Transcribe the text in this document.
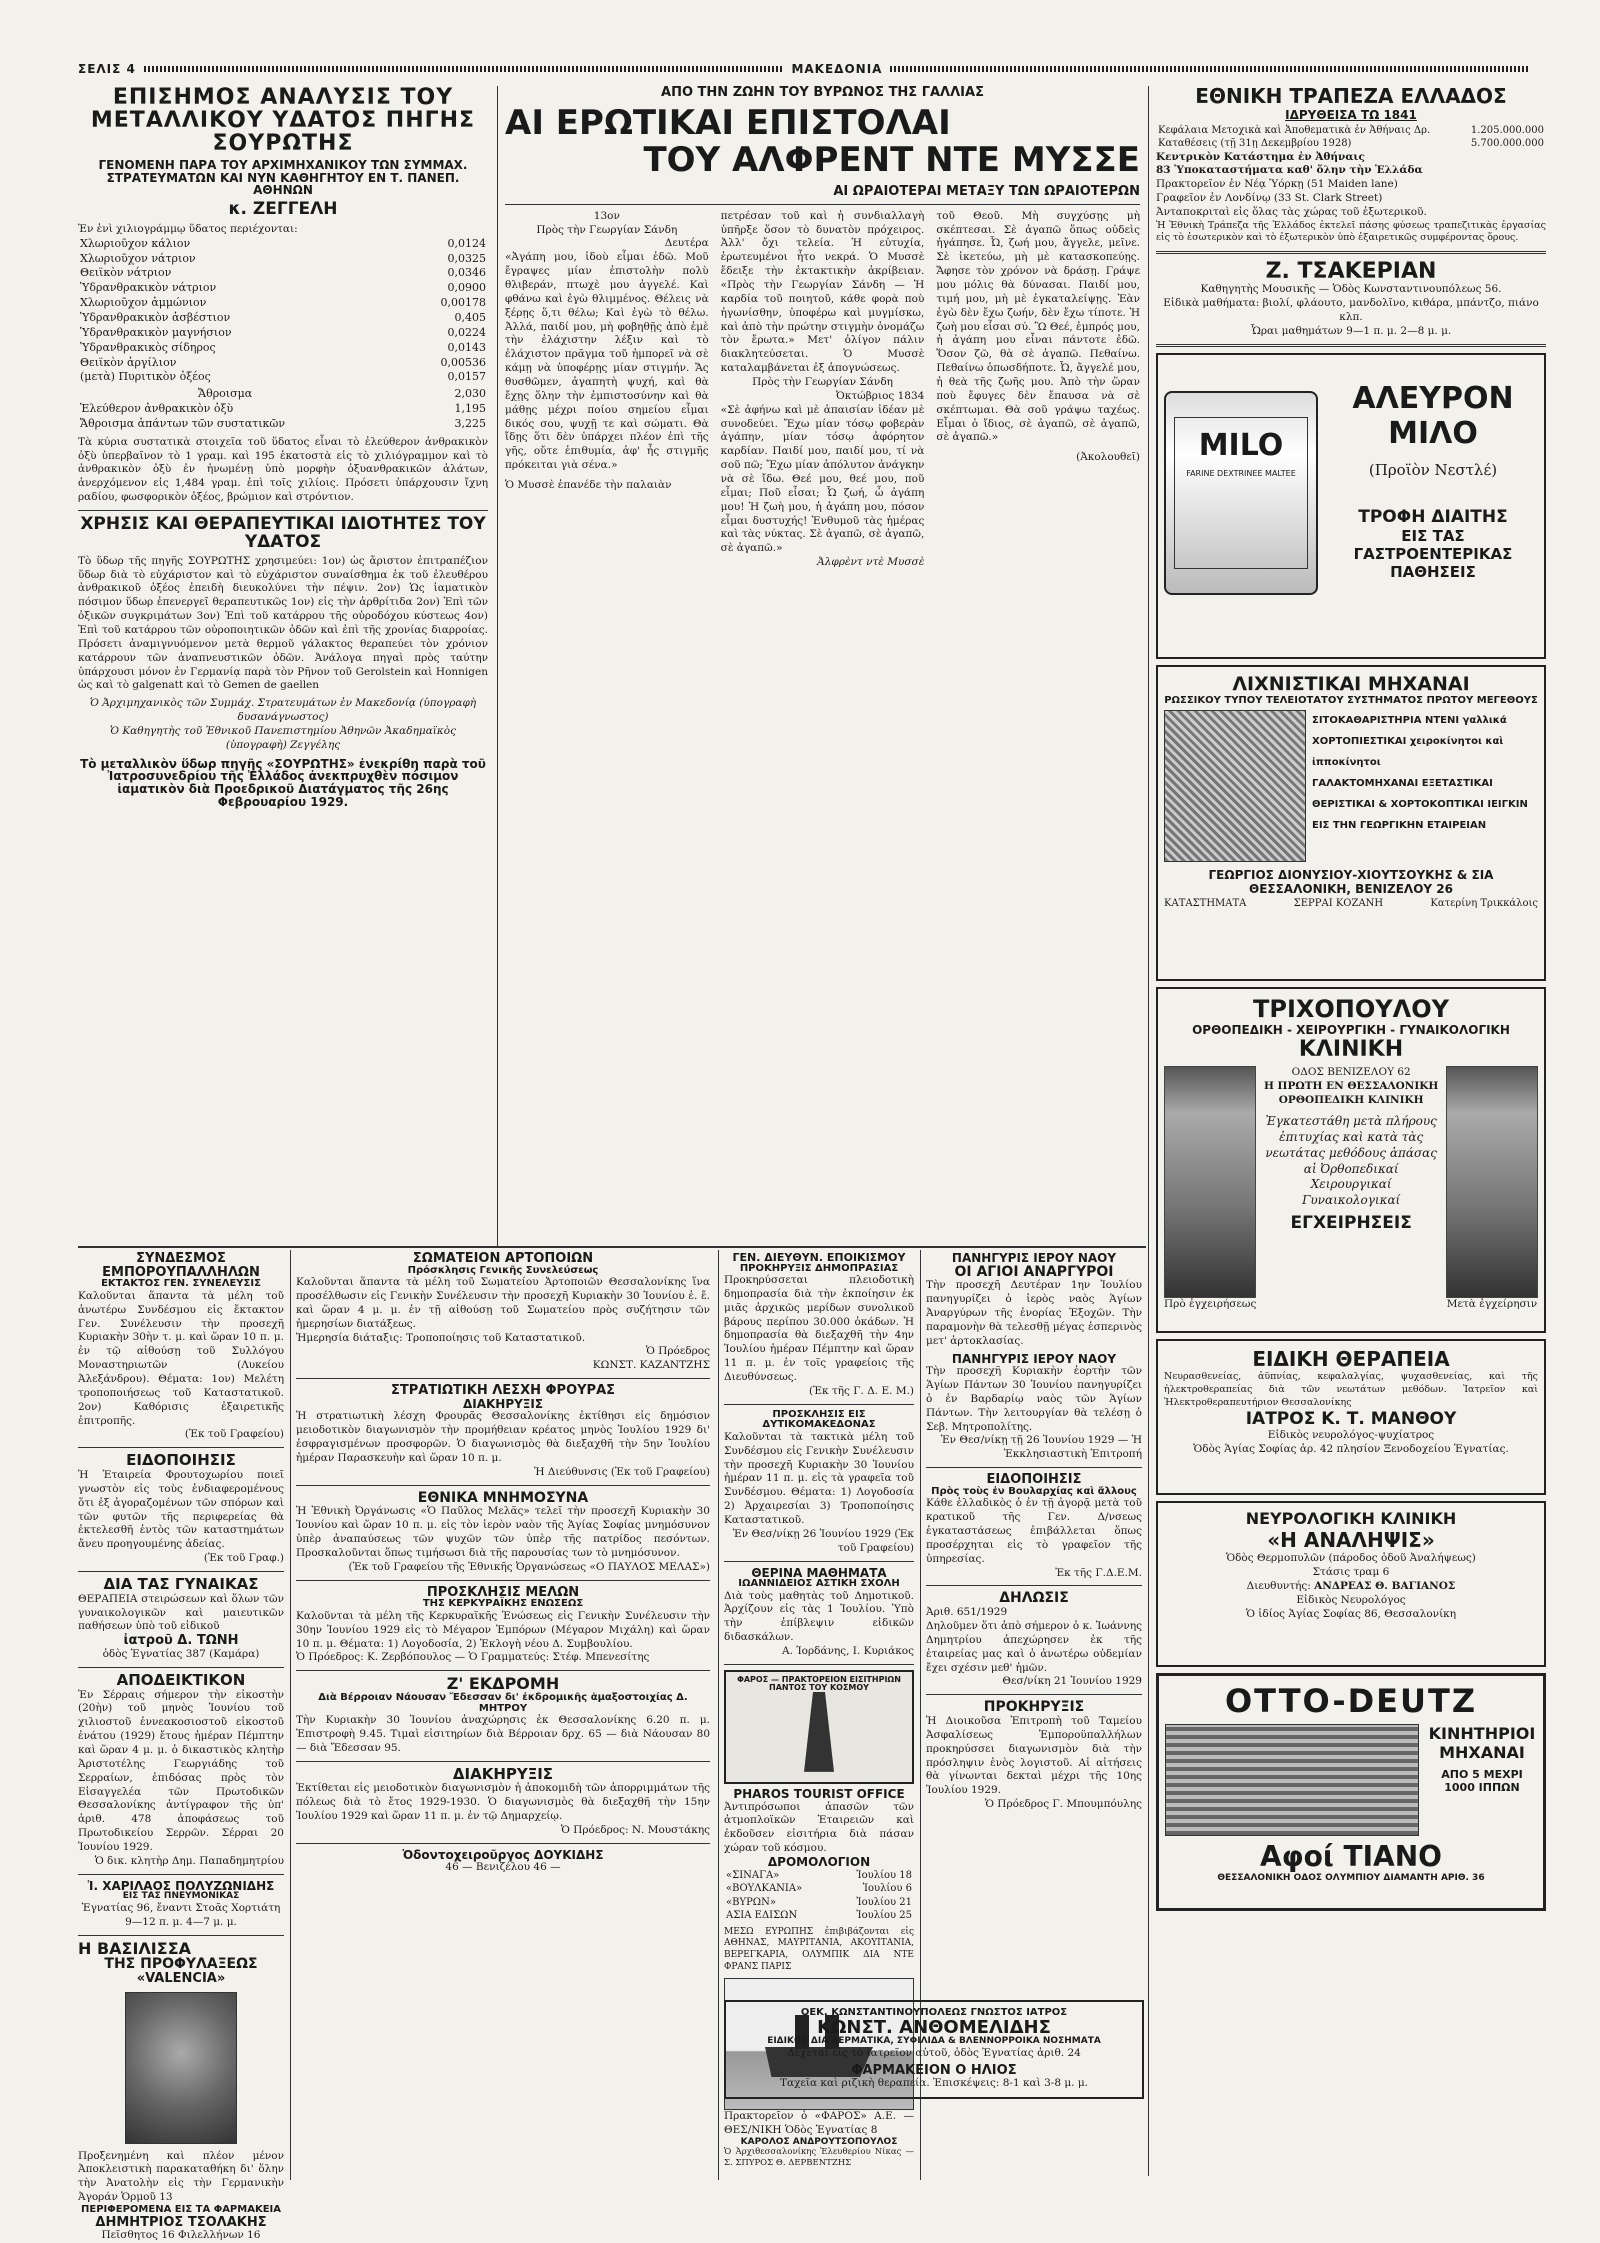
ΣΕΛΙΣ 4	ΜΑΚΕΔΟΝΙΑ
ΕΠΙΣΗΜΟΣ ΑΝΑΛΥΣΙΣ ΤΟΥ ΜΕΤΑΛΛΙΚΟΥ ΥΔΑΤΟΣ ΠΗΓΗΣ ΣΟΥΡΩΤΗΣ

ΓΕΝΟΜΕΝΗ ΠΑΡΑ ΤΟΥ ΑΡΧΙΜΗΧΑΝΙΚΟΥ ΤΩΝ ΣΥΜΜΑΧ. ΣΤΡΑΤΕΥΜΑΤΩΝ ΚΑΙ ΝΥΝ ΚΑΘΗΓΗΤΟΥ ΕΝ Τ. ΠΑΝΕΠ. ΑΘΗΝΩΝ

κ. ΖΕΓΓΕΛΗ

Ἐν ἑνὶ χιλιογράμμῳ ὕδατος περιέχονται:

Χλωριοῦχον κάλιον	0,0124
Χλωριοῦχον νάτριον	0,0325
Θειϊκὸν νάτριον	0,0346
Ὑδρανθρακικὸν νάτριον	0,0900
Χλωριοῦχον ἀμμώνιον	0,00178
Ὑδρανθρακικὸν ἀσβέστιον	0,405
Ὑδρανθρακικὸν μαγνήσιον	0,0224
Ὑδρανθρακικὸς σίδηρος	0,0143
Θειϊκὸν ἀργίλιον	0,00536
(μετὰ) Πυριτικὸν ὀξέος	0,0157
Ἄθροισμα	2,030
Ἐλεύθερον ἀνθρακικὸν ὀξὺ	1,195
Ἄθροισμα ἁπάντων τῶν συστατικῶν	3,225

Τὰ κύρια συστατικὰ στοιχεῖα τοῦ ὕδατος εἶναι τὸ ἐλεύθερον ἀνθρακικὸν ὀξὺ ὑπερβαῖνον τὸ 1 γραμ. καὶ 195 ἑκατοστὰ εἰς τὸ χιλιόγραμμον καὶ τὸ ἀνθρακικὸν ὀξὺ ἐν ἡνωμένῃ ὑπὸ μορφὴν ὀξυανθρακικῶν ἀλάτων, ἀνερχόμενον εἰς 1,484 γραμ. ἐπὶ τοῖς χιλίοις. Πρόσετι ὑπάρχουσιν ἴχνη ραδίου, φωσφορικὸν ὀξέος, βρώμιον καὶ στρόντιον.

ΧΡΗΣΙΣ ΚΑΙ ΘΕΡΑΠΕΥΤΙΚΑΙ ΙΔΙΟΤΗΤΕΣ ΤΟΥ ΥΔΑΤΟΣ

Τὸ ὕδωρ τῆς πηγῆς ΣΟΥΡΩΤΗΣ χρησιμεύει: 1ον) ὡς ἄριστον ἐπιτραπέζιον ὕδωρ διὰ τὸ εὐχάριστον καὶ τὸ εὐχάριστον συναίσθημα ἐκ τοῦ ἐλευθέρου ἀνθρακικοῦ ὀξέος ἐπειδὴ διευκολύνει τὴν πέψιν. 2ον) Ὡς ἰαματικὸν πόσιμον ὕδωρ ἐπενεργεῖ θεραπευτικῶς 1ον) εἰς τὴν ἀρθρίτιδα 2ον) Ἐπὶ τῶν ὀξικῶν συγκριμάτων 3ον) Ἐπὶ τοῦ κατάρρου τῆς οὐροδόχου κύστεως 4ον) Ἐπὶ τοῦ κατάρρου τῶν οὐροποιητικῶν ὁδῶν καὶ ἐπὶ τῆς χρονίας διαρροίας. Πρόσετι ἀναμιγνυόμενον μετὰ θερμοῦ γάλακτος θεραπεύει τὸν χρόνιον κατάρρουν τῶν ἀναπνευστικῶν ὁδῶν. Ἀνάλογα πηγαὶ πρὸς ταύτην ὑπάρχουσι μόνον ἐν Γερμανίᾳ παρὰ τὸν Ρῆνον τοῦ Gerolstein καὶ Honnigen ὡς καὶ τὸ galgenatt καὶ τὸ Gemen de gaellen

Ὁ Ἀρχιμηχανικὸς τῶν Συμμάχ. Στρατευμάτων ἐν Μακεδονίᾳ (ὑπογραφὴ δυσανάγνωστος)

Ὁ Καθηγητὴς τοῦ Ἐθνικοῦ Πανεπιστημίου Ἀθηνῶν Ἀκαδημαϊκὸς (ὑπογραφὴ) Ζεγγέλης

Τὸ μεταλλικὸν ὕδωρ πηγῆς «ΣΟΥΡΩΤΗΣ» ἐνεκρίθη παρὰ τοῦ Ἰατροσυνεδρίου τῆς Ἑλλάδος ἀνεκπρυχθὲν πόσιμον ἰαματικὸν διὰ Προεδρικοῦ Διατάγματος τῆς 26ης Φεβρουαρίου 1929.

ΑΠΟ ΤΗΝ ΖΩΗΝ ΤΟΥ ΒΥΡΩΝΟΣ ΤΗΣ ΓΑΛΛΙΑΣ

ΑΙ ΕΡΩΤΙΚΑΙ ΕΠΙΣΤΟΛΑΙ
ΤΟΥ ΑΛΦΡΕΝΤ ΝΤΕ ΜΥΣΣΕ

ΑΙ ΩΡΑΙΟΤΕΡΑΙ ΜΕΤΑΞΥ ΤΩΝ ΩΡΑΙΟΤΕΡΩΝ

13ον

Πρὸς τὴν Γεωργίαν Σάνδη

Δευτέρα

«Ἀγάπη μου, ἰδοὺ εἶμαι ἐδῶ. Μοῦ ἔγραψες μίαν ἐπιστολὴν πολὺ θλιβεράν, πτωχὲ μου ἀγγελέ. Καὶ φθάνω καὶ ἐγὼ θλιμμένος. Θέλεις νὰ ξέρῃς ὅ,τι θέλω; Καὶ ἐγὼ τὸ θέλω. Ἀλλά, παιδί μου, μὴ φοβηθῇς ἀπὸ ἐμὲ τὴν ἐλάχιστην λέξιν καὶ τὸ ἐλάχιστον πρᾶγμα τοῦ ἠμπορεῖ νὰ σὲ κάμῃ νὰ ὑποφέρῃς μίαν στιγμήν. Ἄς θυσθῶμεν, ἀγαπητὴ ψυχή, καὶ θὰ ἔχῃς ὅλην τὴν ἐμπιστοσύνην καὶ θὰ μάθῃς μέχρι ποίου σημείου εἶμαι δικός σου, ψυχῇ τε καὶ σώματι. Θὰ ἴδῃς ὅτι δὲν ὑπάρχει πλέον ἐπὶ τῆς γῆς, οὔτε ἐπιθυμία, ἀφ' ἧς στιγμῆς πρόκειται γιὰ σένα.»

Ὁ Μυσσὲ ἐπανέδε τὴν παλαιὰν

πετρέσαν τοῦ καὶ ἡ συνδιαλλαγὴ ὑπῆρξε ὅσον τὸ δυνατὸν πρόχειρος. Ἀλλ' ὄχι τελεία. Ἡ εὐτυχία, ἐρωτευμένοι ἦτο νεκρά. Ὁ Μυσσὲ ἔδειξε τὴν ἐκτακτικὴν ἀκρίβειαν. «Πρὸς τὴν Γεωργίαν Σάνδη — Ἡ καρδία τοῦ ποιητοῦ, κάθε φορὰ ποὺ ἠγωνίσθην, ὑποφέρω καὶ μυγμίσκω, καὶ ἀπὸ τὴν πρώτην στιγμὴν ὀνομάζω τὸν ἔρωτα.» Μετ' ὀλίγον πάλιν διακλητεύσεται. Ὁ Μυσσὲ καταλαμβάνεται ἐξ ἀπογνώσεως.

Πρὸς τὴν Γεωργίαν Σάνδη

Ὀκτώβριος 1834

«Σὲ ἀφήνω καὶ μὲ ἀπαισίαν ἰδέαν μὲ συνοδεύει. Ἔχω μίαν τόσῳ φοβερὰν ἀγάπην, μίαν τόσῳ ἀφόρητον καρδίαν. Παιδί μου, παιδί μου, τί νὰ σοῦ πῶ; Ἔχω μίαν ἀπόλυτον ἀνάγκην νὰ σὲ ἴδω. Θεέ μου, θεέ μου, ποῦ εἶμαι; Ποῦ εἶσαι; Ὦ ζωή, ὦ ἀγάπη μου! Ἡ ζωὴ μου, ἡ ἀγάπη μου, πόσον εἶμαι δυστυχής! Ἐνθυμοῦ τὰς ἡμέρας καὶ τὰς νύκτας. Σὲ ἀγαπῶ, σὲ ἀγαπῶ, σὲ ἀγαπῶ.»

Ἀλφρὲντ ντὲ Μυσσὲ

τοῦ Θεοῦ. Μὴ συγχύσῃς μὴ σκέπτεσαι. Σὲ ἀγαπῶ ὅπως οὐδεὶς ἠγάπησε. Ὦ, ζωή μου, ἄγγελε, μεῖνε. Σὲ ἱκετεύω, μὴ μὲ κατασκοπεύῃς. Ἄφησε τὸν χρόνον νὰ δράσῃ. Γράψε μου μόλις θὰ δύνασαι. Παιδί μου, τιμή μου, μὴ μὲ ἐγκαταλείψῃς. Ἐὰν ἐγὼ δὲν ἔχω ζωήν, δὲν ἔχω τίποτε. Ἡ ζωὴ μου εἶσαι σύ. Ὢ Θεέ, ἐμπρός μου, ἡ ἀγάπη μου εἶναι πάντοτε ἐδῶ. Ὅσον ζῶ, θὰ σὲ ἀγαπῶ. Πεθαίνω. Πεθαίνω ὁπωσδήποτε. Ὦ, ἄγγελέ μου, ἡ θεὰ τῆς ζωῆς μου. Ἀπὸ τὴν ὥραν ποὺ ἔφυγες δὲν ἔπαυσα νὰ σὲ σκέπτωμαι. Θὰ σοῦ γράψω ταχέως. Εἶμαι ὁ ἴδιος, σὲ ἀγαπῶ, σὲ ἀγαπῶ, σὲ ἀγαπῶ.»

(Ἀκολουθεῖ)

ΕΘΝΙΚΗ ΤΡΑΠΕΖΑ ΕΛΛΑΔΟΣ

ΙΔΡΥΘΕΙΣΑ ΤΩ 1841

Κεφάλαια Μετοχικὰ καὶ Ἀποθεματικὰ ἐν Ἀθήναις Δρ.	1.205.000.000
Καταθέσεις (τῇ 31ῃ Δεκεμβρίου 1928)	5.700.000.000

Κεντρικὸν Κατάστημα ἐν Ἀθήναις

83 Ὑποκαταστήματα καθ' ὅλην τὴν Ἑλλάδα

Πρακτορεῖον ἐν Νέᾳ Ὑόρκῃ (51 Maiden lane)

Γραφεῖον ἐν Λονδίνῳ (33 St. Clark Street)

Ἀνταποκριταὶ εἰς ὅλας τὰς χώρας τοῦ ἐξωτερικοῦ.

Ἡ Ἐθνικὴ Τράπεζα τῆς Ἑλλάδος ἐκτελεῖ πάσης φύσεως τραπεζιτικὰς ἐργασίας εἰς τὸ ἐσωτερικὸν καὶ τὸ ἐξωτερικὸν ὑπὸ ἐξαιρετικῶς συμφέροντας ὅρους.

Ζ. ΤΣΑΚΕΡΙΑΝ

Καθηγητὴς Μουσικῆς — Ὁδὸς Κωνσταντινουπόλεως 56.

Εἰδικὰ μαθήματα: βιολί, φλάουτο, μανδολῖνο, κιθάρα, μπάντζο, πιάνο κλπ.

Ὧραι μαθημάτων 9—1 π. μ. 2—8 μ. μ.

MILO
FARINE DEXTRINEE MALTEE

ΑΛΕΥΡΟΝ ΜΙΛΟ

(Προϊὸν Νεστλέ)

ΤΡΟΦΗ ΔΙΑΙΤΗΣ

ΕΙΣ ΤΑΣ

ΓΑΣΤΡΟΕΝΤΕΡΙΚΑΣ

ΠΑΘΗΣΕΙΣ

ΛΙΧΝΙΣΤΙΚΑΙ ΜΗΧΑΝΑΙ

ΡΩΣΣΙΚΟΥ ΤΥΠΟΥ ΤΕΛΕΙΟΤΑΤΟΥ ΣΥΣΤΗΜΑΤΟΣ ΠΡΩΤΟΥ ΜΕΓΕΘΟΥΣ

ΣΙΤΟΚΑΘΑΡΙΣΤΗΡΙΑ ΝΤΕΝΙ γαλλικά
ΧΟΡΤΟΠΙΕΣΤΙΚΑΙ χειροκίνητοι καὶ ἱπποκίνητοι
ΓΑΛΑΚΤΟΜΗΧΑΝΑΙ ΕΞΕΤΑΣΤΙΚΑΙ
ΘΕΡΙΣΤΙΚΑΙ & ΧΟΡΤΟΚΟΠΤΙΚΑΙ ΙΕΙΓΚΙΝ
ΕΙΣ ΤΗΝ ΓΕΩΡΓΙΚΗΝ ΕΤΑΙΡΕΙΑΝ

ΓΕΩΡΓΙΟΣ ΔΙΟΝΥΣΙΟΥ-ΧΙΟΥΤΣΟΥΚΗΣ & ΣΙΑ

ΘΕΣΣΑΛΟΝΙΚΗ, ΒΕΝΙΖΕΛΟΥ 26

ΚΑΤΑΣΤΗΜΑΤΑ	ΣΕΡΡΑΙ ΚΟΖΑΝΗ	Κατερίνη Τρικκάλοις

ΤΡΙΧΟΠΟΥΛΟΥ

ΟΡΘΟΠΕΔΙΚΗ - ΧΕΙΡΟΥΡΓΙΚΗ - ΓΥΝΑΙΚΟΛΟΓΙΚΗ

ΚΛΙΝΙΚΗ

Πρὸ ἐγχειρήσεως

ΟΔΟΣ ΒΕΝΙΖΕΛΟΥ 62

Η ΠΡΩΤΗ ΕΝ ΘΕΣΣΑΛΟΝΙΚΗ ΟΡΘΟΠΕΔΙΚΗ ΚΛΙΝΙΚΗ

Ἐγκατεστάθη μετὰ πλήρους ἐπιτυχίας καὶ κατὰ τὰς νεωτάτας μεθόδους ἁπάσας αἱ Ὀρθοπεδικαί Χειρουργικαί Γυναικολογικαί

ΕΓΧΕΙΡΗΣΕΙΣ

Μετὰ ἐγχείρησιν

ΕΙΔΙΚΗ ΘΕΡΑΠΕΙΑ

Νευρασθενείας, ἀϋπνίας, κεφαλαλγίας, ψυχασθενείας, καὶ τῆς ἡλεκτροθεραπείας διὰ τῶν νεωτάτων μεθόδων. Ἰατρεῖον καὶ Ἠλεκτροθεραπευτήριον Θεσσαλονίκης

ΙΑΤΡΟΣ Κ. Τ. ΜΑΝΘΟΥ

Εἰδικὸς νευρολόγος-ψυχίατρος

Ὁδὸς Ἁγίας Σοφίας ἀρ. 42 πλησίον Ξενοδοχείου Ἐγνατίας.

ΝΕΥΡΟΛΟΓΙΚΗ ΚΛΙΝΙΚΗ

«Η ΑΝΑΛΗΨΙΣ»

Ὁδὸς Θερμοπυλῶν (πάροδος ὁδοῦ Ἀναλήψεως)

Στάσις τραμ 6

Διευθυντής: ΑΝΔΡΕΑΣ Θ. ΒΑΓΙΑΝΟΣ

Εἰδικὸς Νευρολόγος

Ὁ ἰδίος Ἁγίας Σοφίας 86, Θεσσαλονίκη

OTTO-DEUTZ

ΚΙΝΗΤΗΡΙΟΙ ΜΗΧΑΝΑΙ

ΑΠΟ 5 ΜΕΧΡΙ 1000 ΙΠΠΩΝ

Αφοί ΤΙΑΝΟ

ΘΕΣΣΑΛΟΝΙΚΗ ΟΔΟΣ ΟΛΥΜΠΙΟΥ ΔΙΑΜΑΝΤΗ ΑΡΙΘ. 36

ΣΥΝΔΕΣΜΟΣ ΕΜΠΟΡΟΥΠΑΛΛΗΛΩΝ

ΕΚΤΑΚΤΟΣ ΓΕΝ. ΣΥΝΕΛΕΥΣΙΣ

Καλοῦνται ἅπαντα τὰ μέλη τοῦ ἀνωτέρω Συνδέσμου εἰς ἔκτακτον Γεν. Συνέλευσιν τὴν προσεχῆ Κυριακὴν 30ὴν τ. μ. καὶ ὥραν 10 π. μ. ἐν τῷ αἰθούσῃ τοῦ Συλλόγου Μοναστηριωτῶν (Λυκείου Ἀλεξάνδρου). Θέματα: 1ον) Μελέτη τροποποιήσεως τοῦ Καταστατικοῦ. 2ον) Καθόρισις ἐξαιρετικῆς ἐπιτροπῆς.

(Ἐκ τοῦ Γραφείου)

ΕΙΔΟΠΟΙΗΣΙΣ

Ἡ Ἐταιρεία Φρουτοχωρίου ποιεῖ γνωστὸν εἰς τοὺς ἐνδιαφερομένους ὅτι ἐξ ἀγοραζομένων τῶν σπόρων καὶ τῶν φυτῶν τῆς περιφερείας θὰ ἐκτελεσθῆ ἐντὸς τῶν καταστημάτων ἄνευ προηγουμένης ἀδείας.

(Ἐκ τοῦ Γραφ.)

ΔΙΑ ΤΑΣ ΓΥΝΑΙΚΑΣ

ΘΕΡΑΠΕΙΑ στειρώσεων καὶ ὅλων τῶν γυναικολογικῶν καὶ μαιευτικῶν παθήσεων ὑπὸ τοῦ εἰδικοῦ

ἰατροῦ Δ. ΤΩΝΗ

ὁδὸς Ἐγνατίας 387 (Καμάρα)

ΑΠΟΔΕΙΚΤΙΚΟΝ

Ἐν Σέρραις σήμερον τὴν εἰκοστὴν (20ὴν) τοῦ μηνὸς Ἰουνίου τοῦ χιλιοστοῦ ἐννεακοσιοστοῦ εἰκοστοῦ ἐνάτου (1929) ἔτους ἡμέραν Πέμπτην καὶ ὥραν 4 μ. μ. ὁ δικαστικὸς κλητὴρ Ἀριστοτέλης Γεωργιάδης τοῦ Σερραίων, ἐπιδόσας πρὸς τὸν Εἰσαγγελέα τῶν Πρωτοδικῶν Θεσσαλονίκης ἀντίγραφον τῆς ὑπ' ἀριθ. 478 ἀποφάσεως τοῦ Πρωτοδικείου Σερρῶν. Σέρραι 20 Ἰουνίου 1929.

Ὁ δικ. κλητὴρ Δημ. Παπαδημητρίου

Ἰ. ΧΑΡΙΛΑΟΣ ΠΟΛΥΖΩΝΙΔΗΣ

ΕΙΣ ΤΑΣ ΠΝΕΥΜΟΝΙΚΑΣ

Ἐγνατίας 96, ἔναντι Στοᾶς Χορτιάτη

9—12 π. μ. 4—7 μ. μ.

Η ΒΑΣΙΛΙΣΣΑ

ΤΗΣ ΠΡΟΦΥΛΑΞΕΩΣ

«VALENCIA»

Προξενημένη καὶ πλέον μένον Ἀποκλειστικὴ παρακαταθήκη δι' ὅλην τὴν Ἀνατολὴν εἰς τὴν Γερμανικὴν Ἀγοράν Ὁρμοῦ 13

ΠΕΡΙΦΕΡΟΜΕΝΑ ΕΙΣ ΤΑ ΦΑΡΜΑΚΕΙΑ

ΔΗΜΗΤΡΙΟΣ ΤΣΟΛΑΚΗΣ

Πεῖσθητος 16 Φιλελλήνων 16

ΣΩΜΑΤΕΙΟΝ ΑΡΤΟΠΟΙΩΝ

Πρόσκλησις Γενικῆς Συνελεύσεως

Καλοῦνται ἅπαντα τὰ μέλη τοῦ Σωματείου Ἀρτοποιῶν Θεσσαλονίκης ἵνα προσέλθωσιν εἰς Γενικὴν Συνέλευσιν τὴν προσεχῆ Κυριακὴν 30 Ἰουνίου ἐ. ἔ. καὶ ὥραν 4 μ. μ. ἐν τῇ αἰθούσῃ τοῦ Σωματείου πρὸς συζήτησιν τῶν ἡμερησίων διατάξεως.

Ἡμερησία διάταξις: Τροποποίησις τοῦ Καταστατικοῦ.

Ὁ Πρόεδρος

ΚΩΝΣΤ. ΚΑΖΑΝΤΖΗΣ

ΣΤΡΑΤΙΩΤΙΚΗ ΛΕΣΧΗ ΦΡΟΥΡΑΣ

ΔΙΑΚΗΡΥΞΙΣ

Ἡ στρατιωτικὴ λέσχη Φρουρᾶς Θεσσαλονίκης ἐκτίθησι εἰς δημόσιον μειοδοτικὸν διαγωνισμὸν τὴν προμήθειαν κρέατος μηνὸς Ἰουλίου 1929 δι' ἐσφραγισμένων προσφορῶν. Ὁ διαγωνισμὸς θὰ διεξαχθῆ τὴν 5ην Ἰουλίου ἡμέραν Παρασκευὴν καὶ ὥραν 10 π. μ.

Ἡ Διεύθυνσις (Ἐκ τοῦ Γραφείου)

ΕΘΝΙΚΑ ΜΝΗΜΟΣΥΝΑ

Ἡ Ἐθνικὴ Ὀργάνωσις «Ὁ Παῦλος Μελᾶς» τελεῖ τὴν προσεχῆ Κυριακὴν 30 Ἰουνίου καὶ ὥραν 10 π. μ. εἰς τὸν ἱερὸν ναὸν τῆς Ἁγίας Σοφίας μνημόσυνον ὑπὲρ ἀναπαύσεως τῶν ψυχῶν τῶν ὑπὲρ τῆς πατρίδος πεσόντων. Προσκαλοῦνται ὅπως τιμήσωσι διὰ τῆς παρουσίας των τὸ μνημόσυνον.

(Ἐκ τοῦ Γραφείου τῆς Ἐθνικῆς Ὀργανώσεως «Ο ΠΑΥΛΟΣ ΜΕΛΑΣ»)

ΠΡΟΣΚΛΗΣΙΣ ΜΕΛΩΝ

ΤΗΣ ΚΕΡΚΥΡΑΪΚΗΣ ΕΝΩΣΕΩΣ

Καλοῦνται τὰ μέλη τῆς Κερκυραϊκῆς Ἑνώσεως εἰς Γενικὴν Συνέλευσιν τὴν 30ην Ἰουνίου 1929 εἰς τὸ Μέγαρον Ἐμπόρων (Μέγαρον Μιχάλη) καὶ ὥραν 10 π. μ. Θέματα: 1) Λογοδοσία, 2) Ἐκλογὴ νέου Δ. Συμβουλίου.

Ὁ Πρόεδρος: Κ. Ζερβόπουλος — Ὁ Γραμματεύς: Στέφ. Μπενεσίτης

Ζ' ΕΚΔΡΟΜΗ

Διὰ Βέρροιαν Νάουσαν Ἔδεσσαν δι' ἐκδρομικῆς ἁμαξοστοιχίας Δ. ΜΗΤΡΟΥ

Τὴν Κυριακὴν 30 Ἰουνίου ἀναχώρησις ἐκ Θεσσαλονίκης 6.20 π. μ. Ἐπιστροφὴ 9.45. Τιμαὶ εἰσιτηρίων διὰ Βέρροιαν δρχ. 65 — διὰ Νάουσαν 80 — διὰ Ἔδεσσαν 95.

ΔΙΑΚΗΡΥΞΙΣ

Ἐκτίθεται εἰς μειοδοτικὸν διαγωνισμὸν ἡ ἀποκομιδὴ τῶν ἀπορριμμάτων τῆς πόλεως διὰ τὸ ἔτος 1929-1930. Ὁ διαγωνισμὸς θὰ διεξαχθῆ τὴν 15ην Ἰουλίου 1929 καὶ ὥραν 11 π. μ. ἐν τῷ Δημαρχείῳ.

Ὁ Πρόεδρος: Ν. Μουστάκης

Ὀδοντοχειροῦργος ΔΟΥΚΙΔΗΣ

46 — Βενιζέλου 46 —

ΓΕΝ. ΔΙΕΥΘΥΝ. ΕΠΟΙΚΙΣΜΟΥ

ΠΡΟΚΗΡΥΞΙΣ ΔΗΜΟΠΡΑΣΙΑΣ

Προκηρύσσεται πλειοδοτικὴ δημοπρασία διὰ τὴν ἐκποίησιν ἐκ μιᾶς ἀρχικῶς μερίδων συνολικοῦ βάρους περίπου 30.000 ὀκάδων. Ἡ δημοπρασία θὰ διεξαχθῆ τὴν 4ην Ἰουλίου ἡμέραν Πέμπτην καὶ ὥραν 11 π. μ. ἐν τοῖς γραφείοις τῆς Διευθύνσεως.

(Ἐκ τῆς Γ. Δ. Ε. Μ.)

ΠΡΟΣΚΛΗΣΙΣ ΕΙΣ ΔΥΤΙΚΟΜΑΚΕΔΟΝΑΣ

Καλοῦνται τὰ τακτικὰ μέλη τοῦ Συνδέσμου εἰς Γενικὴν Συνέλευσιν τὴν προσεχῆ Κυριακὴν 30 Ἰουνίου ἡμέραν 11 π. μ. εἰς τὰ γραφεῖα τοῦ Συνδέσμου. Θέματα: 1) Λογοδοσία 2) Ἀρχαιρεσίαι 3) Τροποποίησις Καταστατικοῦ.

Ἐν Θεσ/νίκῃ 26 Ἰουνίου 1929 (Ἐκ τοῦ Γραφείου)

ΘΕΡΙΝΑ ΜΑΘΗΜΑΤΑ

ΙΩΑΝΝΙΔΕΙΟΣ ΑΣΤΙΚΗ ΣΧΟΛΗ

Διὰ τοὺς μαθητὰς τοῦ Δημοτικοῦ. Ἀρχίζουν εἰς τὰς 1 Ἰουλίου. Ὑπὸ τὴν ἐπίβλεψιν εἰδικῶν διδασκάλων.

Α. Ἰορδάνης, Ι. Κυριάκος

ΦΑΡΟΣ — ΠΡΑΚΤΟΡΕΙΟΝ ΕΙΣΙΤΗΡΙΩΝ ΠΑΝΤΟΣ ΤΟΥ ΚΟΣΜΟΥ

PHAROS TOURIST OFFICE

Ἀντιπρόσωποι ἁπασῶν τῶν ἀτμοπλοϊκῶν Ἑταιρειῶν καὶ ἐκδοῦσεν εἰσιτήρια διὰ πάσαν χώραν τοῦ κόσμου.

ΔΡΟΜΟΛΟΓΙΟΝ

«ΣΙΝΑΓΑ»	Ἰουλίου 18
«ΒΟΥΛΚΑΝΙΑ»	Ἰουλίου 6
«ΒΥΡΩΝ»	Ἰουλίου 21
ΑΣΙΑ ΕΔΙΣΩΝ	Ἰουλίου 25

ΜΕΣΩ ΕΥΡΩΠΗΣ ἐπιβιβάζονται εἰς ΑΘΗΝΑΣ, ΜΑΥΡΙΤΑΝΙΑ, ΑΚΟΥΙΤΑΝΙΑ, ΒΕΡΕΓΚΑΡΙΑ, ΟΛΥΜΠΙΚ ΔΙΑ ΝΤΕ ΦΡΑΝΣ ΠΑΡΙΣ

Πρακτορεῖον ὁ «ΦΑΡΟΣ» Α.Ε. — ΘΕΣ/ΝΙΚΗ Ὁδὸς Ἐγνατίας 8

ΚΑΡΟΛΟΣ ΑΝΔΡΟΥΤΣΟΠΟΥΛΟΣ

Ὁ Ἀρχιθεσσαλονίκης Ἐλευθερίου Νίκας — Σ. ΣΠΥΡΟΣ Θ. ΔΕΡΒΕΝΤΖΗΣ

ΠΑΝΗΓΥΡΙΣ ΙΕΡΟΥ ΝΑΟΥ

ΟΙ ΑΓΙΟΙ ΑΝΑΡΓΥΡΟΙ

Τὴν προσεχῆ Δευτέραν 1ην Ἰουλίου πανηγυρίζει ὁ ἱερὸς ναὸς Ἁγίων Ἀναργύρων τῆς ἐνορίας Ἐξοχῶν. Τὴν παραμονὴν θὰ τελεσθῇ μέγας ἑσπερινὸς μετ' ἀρτοκλασίας.

ΠΑΝΗΓΥΡΙΣ ΙΕΡΟΥ ΝΑΟΥ

Τὴν προσεχῆ Κυριακὴν ἑορτὴν τῶν Ἁγίων Πάντων 30 Ἰουνίου πανηγυρίζει ὁ ἐν Βαρδαρίῳ ναὸς τῶν Ἁγίων Πάντων. Τὴν λειτουργίαν θὰ τελέσῃ ὁ Σεβ. Μητροπολίτης.

Ἐν Θεσ/νίκῃ τῇ 26 Ἰουνίου 1929 — Ἡ Ἐκκλησιαστικὴ Ἐπιτροπή

ΕΙΔΟΠΟΙΗΣΙΣ

Πρὸς τοὺς ἐν Βουλαρχίας καὶ ἄλλους

Κάθε ἑλλαδικὸς ὁ ἐν τῇ ἀγορᾷ μετὰ τοῦ κρατικοῦ τῆς Γεν. Δ/νσεως ἐγκαταστάσεως ἐπιβάλλεται ὅπως προσέρχηται εἰς τὸ γραφεῖον τῆς ὑπηρεσίας.

Ἐκ τῆς Γ.Δ.Ε.Μ.

ΔΗΛΩΣΙΣ

Ἀριθ. 651/1929

Δηλοῦμεν ὅτι ἀπὸ σήμερον ὁ κ. Ἰωάννης Δημητρίου ἀπεχώρησεν ἐκ τῆς ἑταιρείας μας καὶ ὁ ἀνωτέρω οὐδεμίαν ἔχει σχέσιν μεθ' ἡμῶν.

Θεσ/νίκη 21 Ἰουνίου 1929

ΠΡΟΚΗΡΥΞΙΣ

Ἡ Διοικοῦσα Ἐπιτροπὴ τοῦ Ταμείου Ἀσφαλίσεως Ἐμποροϋπαλλήλων προκηρύσσει διαγωνισμὸν διὰ τὴν πρόσληψιν ἑνὸς λογιστοῦ. Αἱ αἰτήσεις θὰ γίνωνται δεκταὶ μέχρι τῆς 10ης Ἰουλίου 1929.

Ὁ Πρόεδρος Γ. Μπουμπόυλης

ΟΕΚ. ΚΩΝΣΤΑΝΤΙΝΟΥΠΟΛΕΩΣ ΓΝΩΣΤΟΣ ΙΑΤΡΟΣ

ΚΩΝΣΤ. ΑΝΘΟΜΕΛΙΔΗΣ

ΕΙΔΙΚΟΣ ΔΙΑ ΔΕΡΜΑΤΙΚΑ, ΣΥΦΙΛΙΔΑ & ΒΛΕΝΝΟΡΡΟΙΚΑ ΝΟΣΗΜΑΤΑ

Δέχεται εἰς τὸ ἰατρεῖον αὐτοῦ, ὁδὸς Ἐγνατίας ἀριθ. 24

ΦΑΡΜΑΚΕΙΟΝ Ο ΗΛΙΟΣ

Ταχεῖα καὶ ριζικὴ θεραπεία. Ἐπισκέψεις: 8-1 καὶ 3-8 μ. μ.
